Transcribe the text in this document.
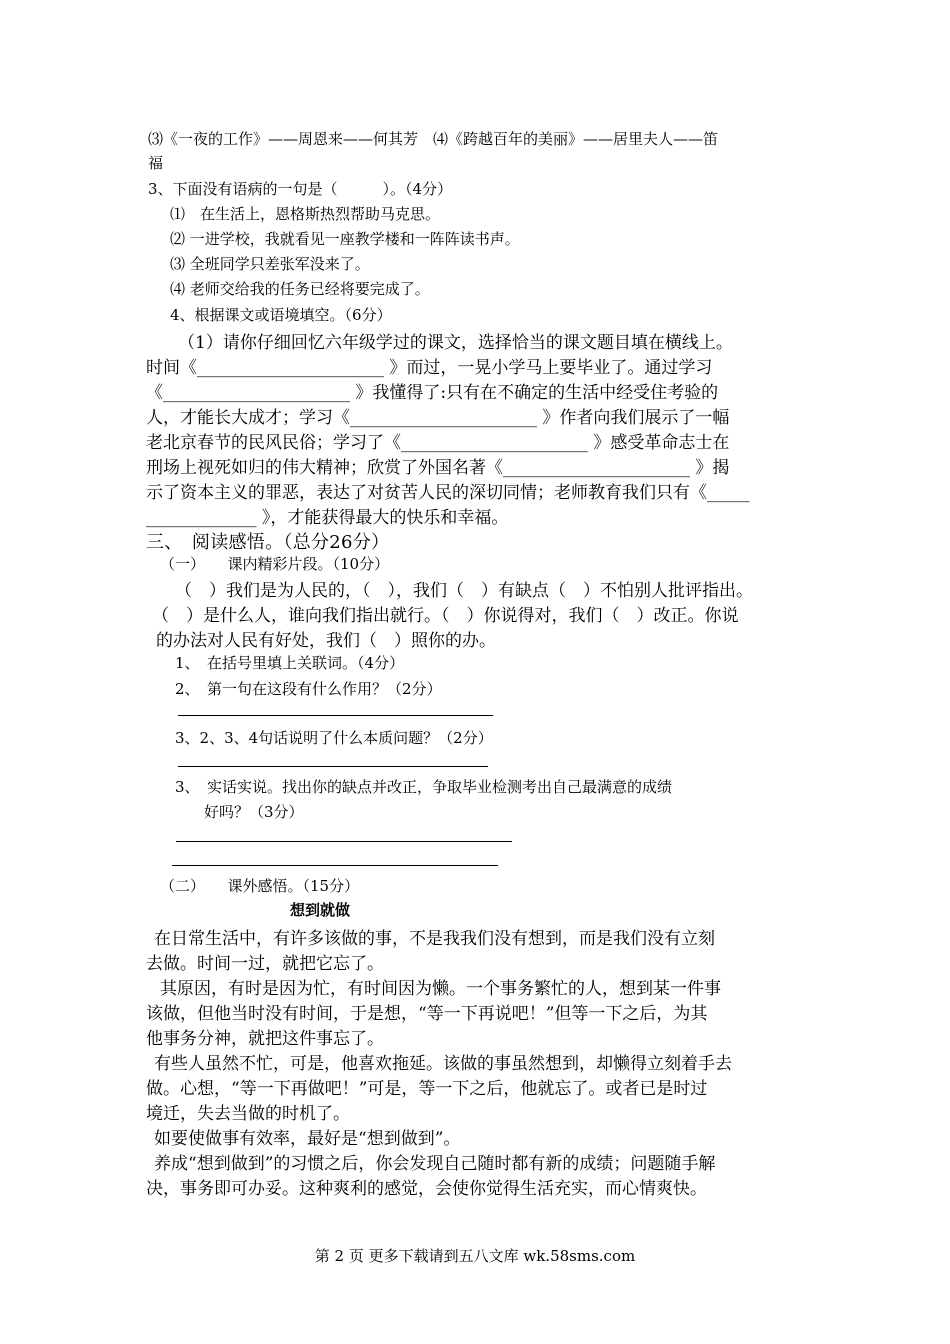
⑶《一夜的工作》——周恩来——何其芳　⑷《跨越百年的美丽》——居里夫人——笛
福
3、下面没有语病的一句是（　　　）。（4分）
⑴　在生活上，恩格斯热烈帮助马克思。
⑵ 一进学校，我就看见一座教学楼和一阵阵读书声。
⑶ 全班同学只差张军没来了。
⑷ 老师交给我的任务已经将要完成了。
4、根据课文或语境填空。（6分）
（1）请你仔细回忆六年级学过的课文，选择恰当的课文题目填在横线上。
时间《______________________ 》而过，一晃小学马上要毕业了。通过学习
《______________________ 》我懂得了:只有在不确定的生活中经受住考验的
人，才能长大成才；学习《______________________ 》作者向我们展示了一幅
老北京春节的民风民俗；学习了《______________________ 》感受革命志士在
刑场上视死如归的伟大精神；欣赏了外国名著《______________________ 》揭
示了资本主义的罪恶，表达了对贫苦人民的深切同情；老师教育我们只有《_____
_____________ 》，才能获得最大的快乐和幸福。
三、　阅读感悟。（总分26分）
（一）　　课内精彩片段。（10分）
（　）我们是为人民的，（　），我们（　）有缺点（　）不怕别人批评指出。
（　）是什么人，谁向我们指出就行。（　）你说得对，我们（　）改正。你说
的办法对人民有好处，我们（　）照你的办。
1、　在括号里填上关联词。（4分）
2、　第一句在这段有什么作用？（2分）
3、2、3、4句话说明了什么本质问题？（2分）
3、　实话实说。找出你的缺点并改正，争取毕业检测考出自己最满意的成绩
好吗？（3分）
（二）　　课外感悟。（15分）
想到就做
在日常生活中，有许多该做的事，不是我我们没有想到，而是我们没有立刻
去做。时间一过，就把它忘了。
其原因，有时是因为忙，有时间因为懒。一个事务繁忙的人，想到某一件事
该做，但他当时没有时间，于是想，“等一下再说吧！”但等一下之后，为其
他事务分神，就把这件事忘了。
有些人虽然不忙，可是，他喜欢拖延。该做的事虽然想到，却懒得立刻着手去
做。心想，“等一下再做吧！”可是，等一下之后，他就忘了。或者已是时过
境迁，失去当做的时机了。
如要使做事有效率，最好是“想到做到”。
养成“想到做到”的习惯之后，你会发现自己随时都有新的成绩；问题随手解
决，事务即可办妥。这种爽利的感觉，会使你觉得生活充实，而心情爽快。
第 2 页 更多下载请到五八文库 wk.58sms.com
